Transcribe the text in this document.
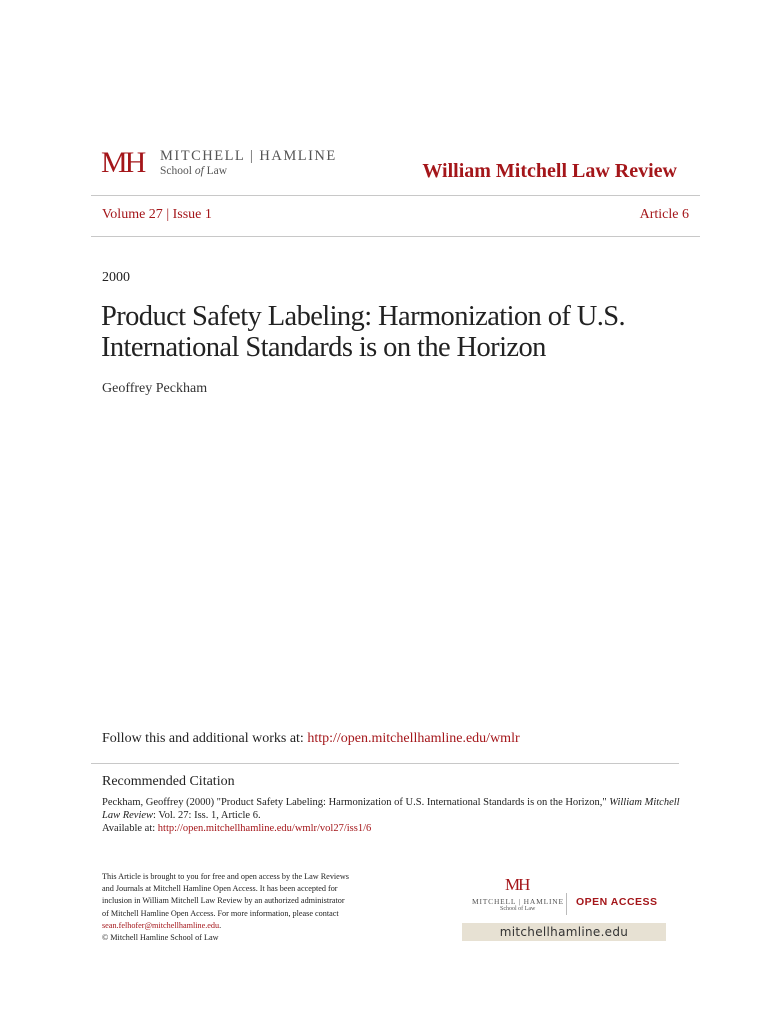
MH MITCHELL | HAMLINE
School of Law	William Mitchell Law Review
Volume 27 | Issue 1	Article 6
2000
Product Safety Labeling: Harmonization of U.S. International Standards is on the Horizon
Geoffrey Peckham
Follow this and additional works at: http://open.mitchellhamline.edu/wmlr
Recommended Citation
Peckham, Geoffrey (2000) "Product Safety Labeling: Harmonization of U.S. International Standards is on the Horizon," William Mitchell Law Review: Vol. 27: Iss. 1, Article 6.
Available at: http://open.mitchellhamline.edu/wmlr/vol27/iss1/6
This Article is brought to you for free and open access by the Law Reviews
and Journals at Mitchell Hamline Open Access. It has been accepted for
inclusion in William Mitchell Law Review by an authorized administrator
of Mitchell Hamline Open Access. For more information, please contact
sean.felhofer@mitchellhamline.edu.
© Mitchell Hamline School of Law
MH
MITCHELL | HAMLINE
School of Law
OPEN ACCESS
mitchellhamline.edu
